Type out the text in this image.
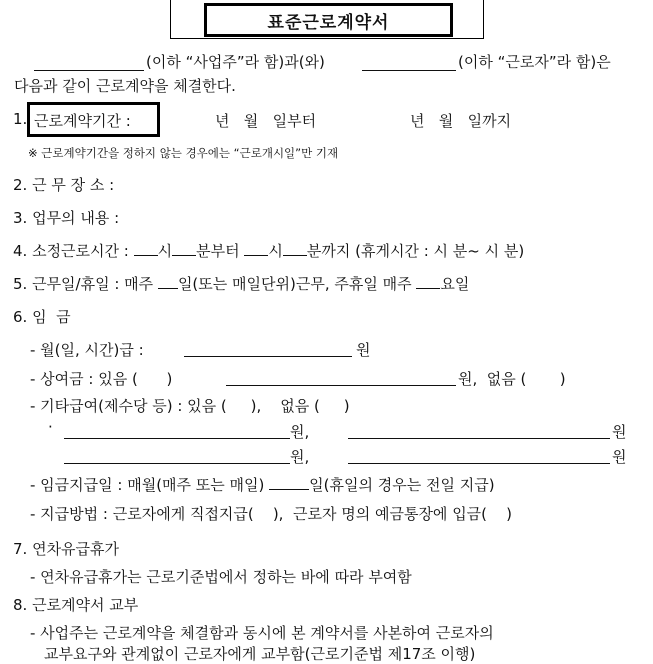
표준근로계약서
(이하 “사업주”라 함)과(와)	(이하 “근로자”라 함)은
다음과 같이 근로계약을 체결한다.
1. 근로계약기간 :	년   월   일부터	년   월   일까지
※ 근로계약기간을 정하지 않는 경우에는 “근로개시일”만 기재
2. 근 무 장 소 :
3. 업무의 내용 :
4. 소정근로시간 : 시 분부터 시 분까지 (휴게시간 : 시 분~ 시 분)
5. 근무일/휴일 : 매주 일(또는 매일단위)근무, 주휴일 매주 요일
6. 임  금
- 월(일, 시간)급 :	원
- 상여금 : 있음 (      )	원,  없음 (       )
- 기타급여(제수당 등) : 있음 (     ),    없음 (     )
·	원,	원
원,	원
- 임금지급일 : 매월(매주 또는 매일)	일(휴일의 경우는 전일 지급)
- 지급방법 : 근로자에게 직접지급(    ),  근로자 명의 예금통장에 입금(    )
7. 연차유급휴가
- 연차유급휴가는 근로기준법에서 정하는 바에 따라 부여함
8. 근로계약서 교부
- 사업주는 근로계약을 체결함과 동시에 본 계약서를 사본하여 근로자의
교부요구와 관계없이 근로자에게 교부함(근로기준법 제17조 이행)
